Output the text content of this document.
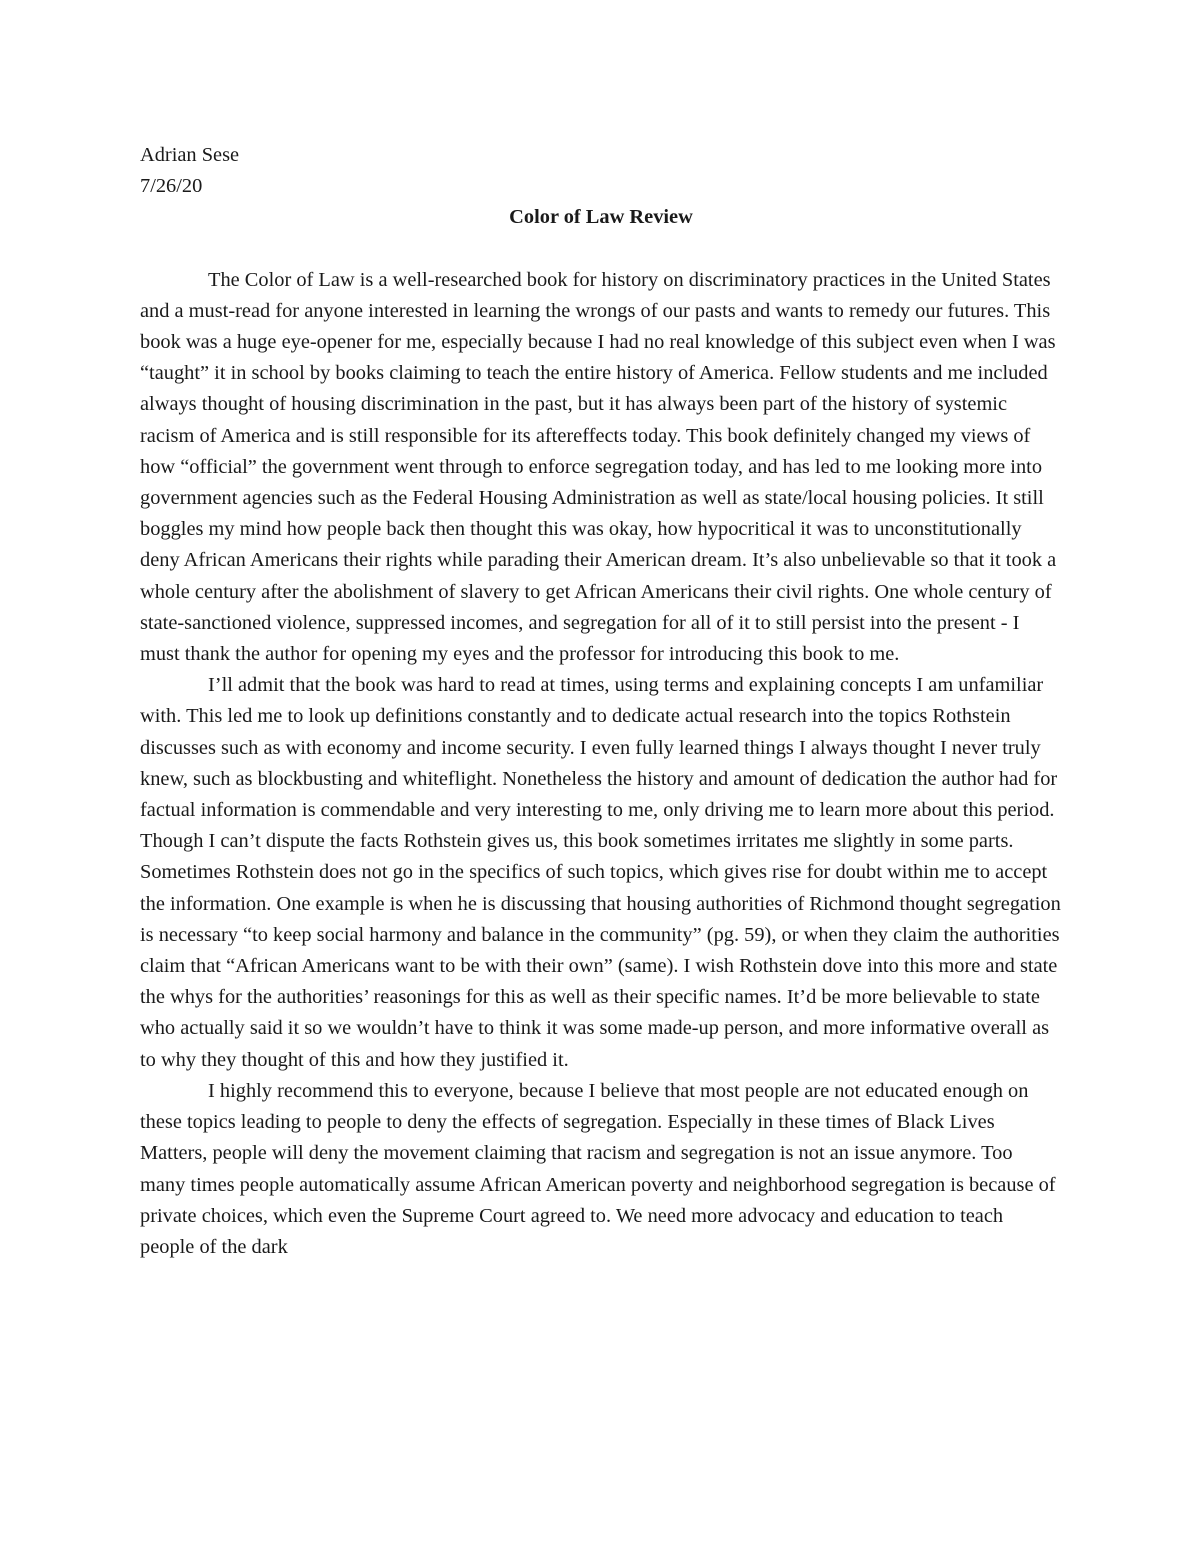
Adrian Sese
7/26/20
Color of Law Review

The Color of Law is a well-researched book for history on discriminatory practices in the United States and a must-read for anyone interested in learning the wrongs of our pasts and wants to remedy our futures. This book was a huge eye-opener for me, especially because I had no real knowledge of this subject even when I was “taught” it in school by books claiming to teach the entire history of America. Fellow students and me included always thought of housing discrimination in the past, but it has always been part of the history of systemic racism of America and is still responsible for its aftereffects today. This book definitely changed my views of how “official” the government went through to enforce segregation today, and has led to me looking more into government agencies such as the Federal Housing Administration as well as state/local housing policies. It still boggles my mind how people back then thought this was okay, how hypocritical it was to unconstitutionally deny African Americans their rights while parading their American dream. It’s also unbelievable so that it took a whole century after the abolishment of slavery to get African Americans their civil rights. One whole century of state-sanctioned violence, suppressed incomes, and segregation for all of it to still persist into the present - I must thank the author for opening my eyes and the professor for introducing this book to me.

I’ll admit that the book was hard to read at times, using terms and explaining concepts I am unfamiliar with. This led me to look up definitions constantly and to dedicate actual research into the topics Rothstein discusses such as with economy and income security. I even fully learned things I always thought I never truly knew, such as blockbusting and whiteflight. Nonetheless the history and amount of dedication the author had for factual information is commendable and very interesting to me, only driving me to learn more about this period. Though I can’t dispute the facts Rothstein gives us, this book sometimes irritates me slightly in some parts. Sometimes Rothstein does not go in the specifics of such topics, which gives rise for doubt within me to accept the information. One example is when he is discussing that housing authorities of Richmond thought segregation is necessary “to keep social harmony and balance in the community” (pg. 59), or when they claim the authorities claim that “African Americans want to be with their own” (same). I wish Rothstein dove into this more and state the whys for the authorities’ reasonings for this as well as their specific names. It’d be more believable to state who actually said it so we wouldn’t have to think it was some made-up person, and more informative overall as to why they thought of this and how they justified it.

I highly recommend this to everyone, because I believe that most people are not educated enough on these topics leading to people to deny the effects of segregation. Especially in these times of Black Lives Matters, people will deny the movement claiming that racism and segregation is not an issue anymore. Too many times people automatically assume African American poverty and neighborhood segregation is because of private choices, which even the Supreme Court agreed to. We need more advocacy and education to teach people of the dark
